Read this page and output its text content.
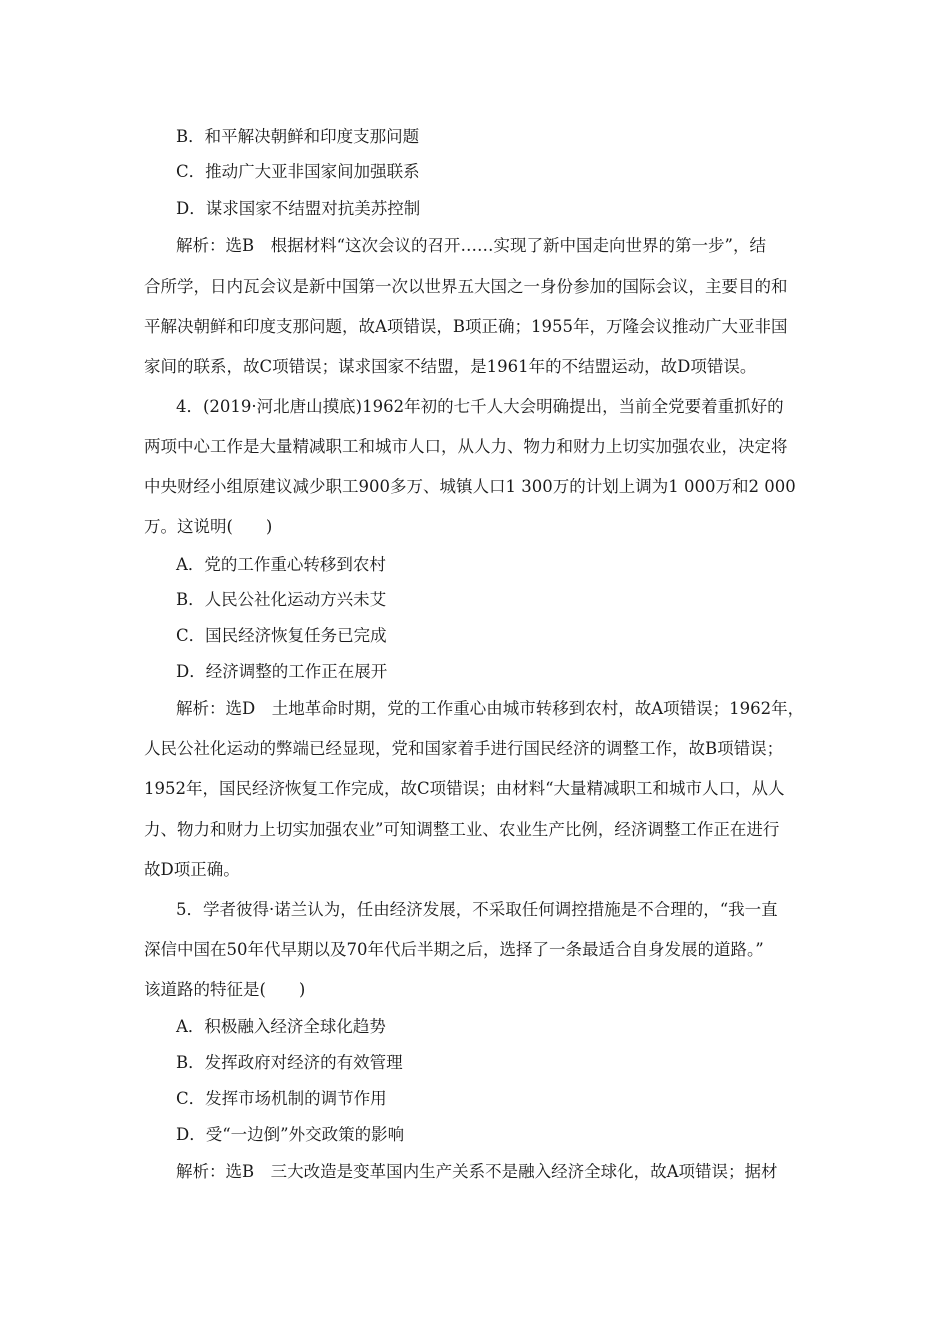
B．和平解决朝鲜和印度支那问题
C．推动广大亚非国家间加强联系
D．谋求国家不结盟对抗美苏控制
解析：选B　根据材料“这次会议的召开……实现了新中国走向世界的第一步”，结
合所学，日内瓦会议是新中国第一次以世界五大国之一身份参加的国际会议，主要目的和
平解决朝鲜和印度支那问题，故A项错误，B项正确；1955年，万隆会议推动广大亚非国
家间的联系，故C项错误；谋求国家不结盟，是1961年的不结盟运动，故D项错误。
4．(2019·河北唐山摸底)1962年初的七千人大会明确提出，当前全党要着重抓好的
两项中心工作是大量精减职工和城市人口，从人力、物力和财力上切实加强农业，决定将
中央财经小组原建议减少职工900多万、城镇人口1 300万的计划上调为1 000万和2 000
万。这说明(　　)
A．党的工作重心转移到农村
B．人民公社化运动方兴未艾
C．国民经济恢复任务已完成
D．经济调整的工作正在展开
解析：选D　土地革命时期，党的工作重心由城市转移到农村，故A项错误；1962年，
人民公社化运动的弊端已经显现，党和国家着手进行国民经济的调整工作，故B项错误；
1952年，国民经济恢复工作完成，故C项错误；由材料“大量精减职工和城市人口，从人
力、物力和财力上切实加强农业”可知调整工业、农业生产比例，经济调整工作正在进行
故D项正确。
5．学者彼得·诺兰认为，任由经济发展，不采取任何调控措施是不合理的，“我一直
深信中国在50年代早期以及70年代后半期之后，选择了一条最适合自身发展的道路。”
该道路的特征是(　　)
A．积极融入经济全球化趋势
B．发挥政府对经济的有效管理
C．发挥市场机制的调节作用
D．受“一边倒”外交政策的影响
解析：选B　三大改造是变革国内生产关系不是融入经济全球化，故A项错误；据材
